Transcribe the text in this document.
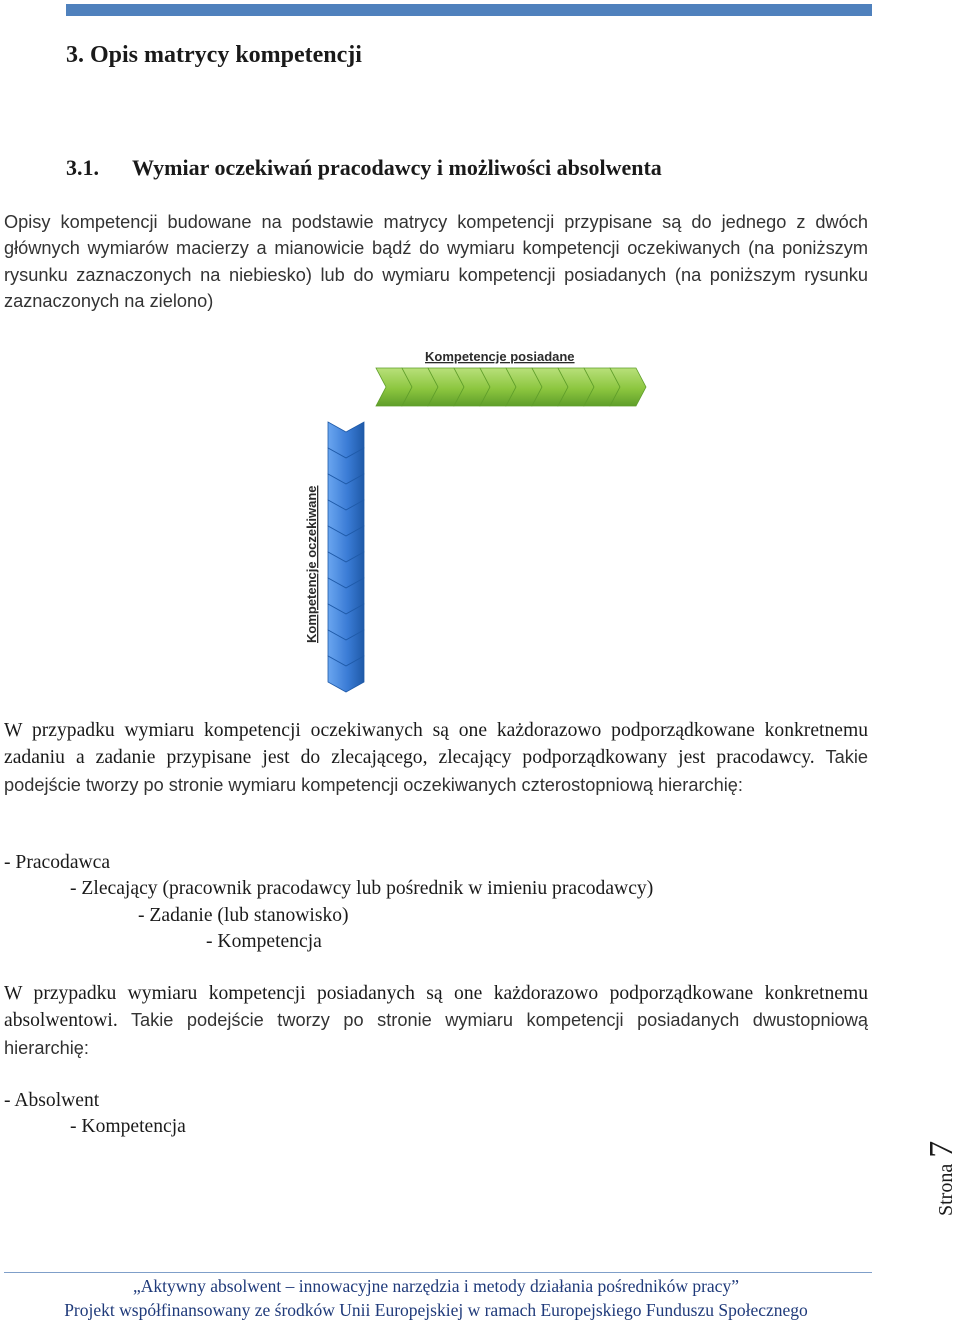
3. Opis matrycy kompetencji
3.1. Wymiar oczekiwań pracodawcy i możliwości absolwenta

Opisy kompetencji budowane na podstawie matrycy kompetencji przypisane są do jednego z dwóch głównych wymiarów macierzy a mianowicie bądź do wymiaru kompetencji oczekiwanych (na poniższym rysunku zaznaczonych na niebiesko) lub do wymiaru kompetencji posiadanych (na poniższym rysunku zaznaczonych na zielono)

Kompetencje posiadane
Kompetencje oczekiwane

W przypadku wymiaru kompetencji oczekiwanych są one każdorazowo podporządkowane konkretnemu zadaniu a zadanie przypisane jest do zlecającego, zlecający podporządkowany jest pracodawcy. Takie podejście tworzy po stronie wymiaru kompetencji oczekiwanych czterostopniową hierarchię:

- Pracodawca
- Zlecający (pracownik pracodawcy lub pośrednik w imieniu pracodawcy)
- Zadanie (lub stanowisko)
- Kompetencja

W przypadku wymiaru kompetencji posiadanych są one każdorazowo podporządkowane konkretnemu absolwentowi. Takie podejście tworzy po stronie wymiaru kompetencji posiadanych dwustopniową hierarchię:

- Absolwent
- Kompetencja
Strona 7

„Aktywny absolwent – innowacyjne narzędzia i metody działania pośredników pracy”

Projekt współfinansowany ze środków Unii Europejskiej w ramach Europejskiego Funduszu Społecznego
